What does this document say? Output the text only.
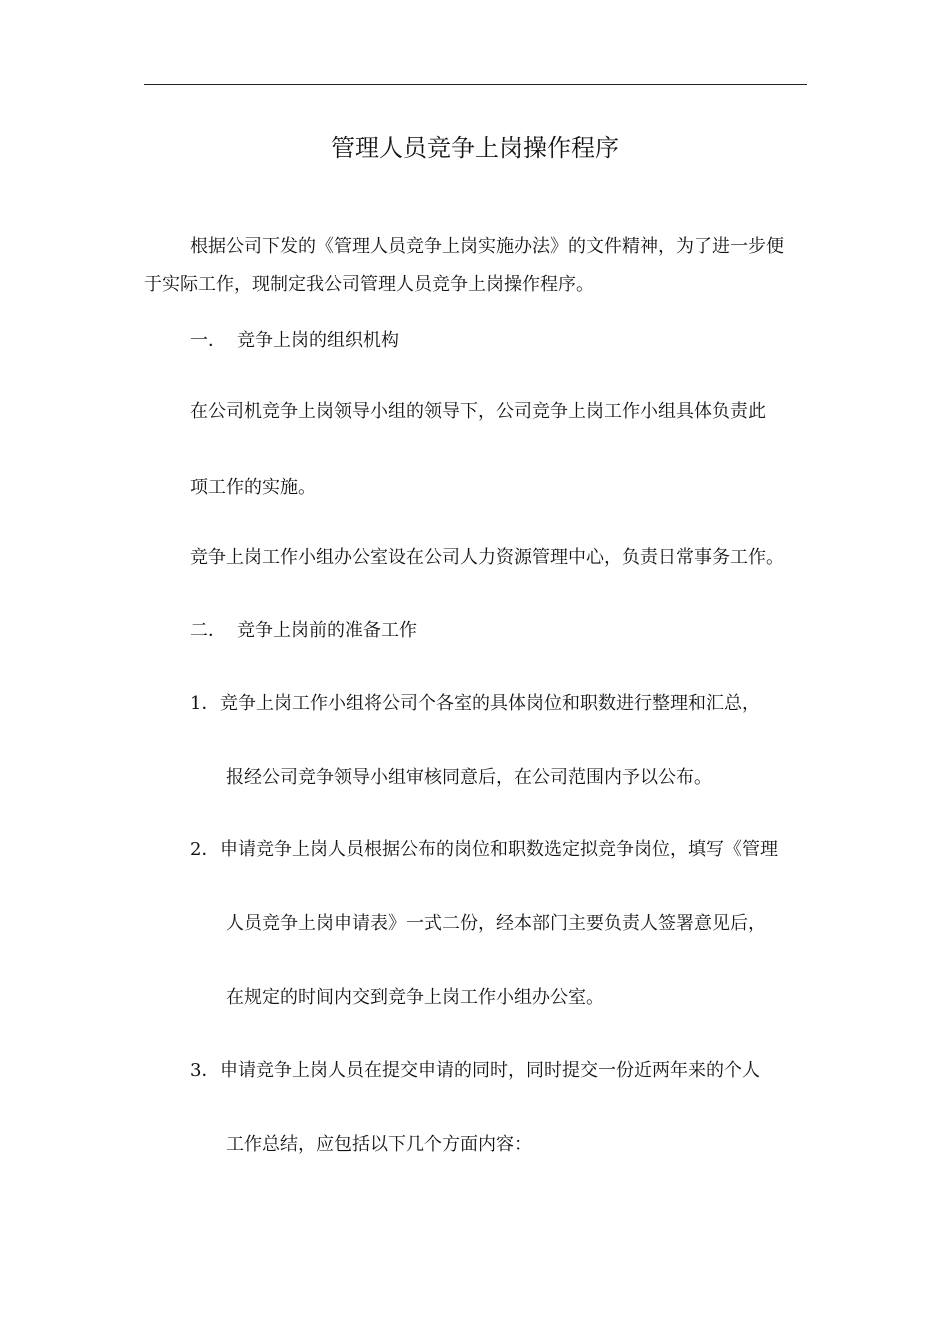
管理人员竞争上岗操作程序
根据公司下发的《管理人员竞争上岗实施办法》的文件精神，为了进一步便
于实际工作，现制定我公司管理人员竞争上岗操作程序。
一． 竞争上岗的组织机构
在公司机竞争上岗领导小组的领导下，公司竞争上岗工作小组具体负责此
项工作的实施。
竞争上岗工作小组办公室设在公司人力资源管理中心，负责日常事务工作。
二． 竞争上岗前的准备工作
1． 竞争上岗工作小组将公司个各室的具体岗位和职数进行整理和汇总，
报经公司竞争领导小组审核同意后，在公司范围内予以公布。
2． 申请竞争上岗人员根据公布的岗位和职数选定拟竞争岗位，填写《管理
人员竞争上岗申请表》一式二份，经本部门主要负责人签署意见后，
在规定的时间内交到竞争上岗工作小组办公室。
3． 申请竞争上岗人员在提交申请的同时，同时提交一份近两年来的个人
工作总结，应包括以下几个方面内容：
